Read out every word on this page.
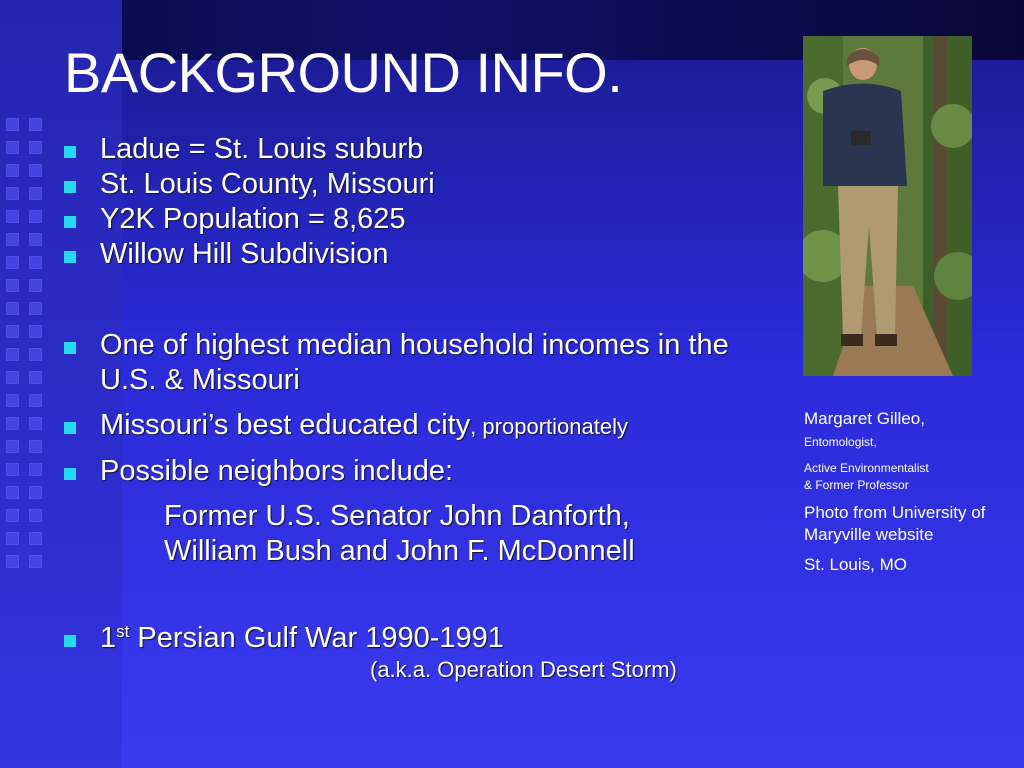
BACKGROUND INFO.
Ladue = St. Louis suburb
St. Louis County, Missouri
Y2K Population = 8,625
Willow Hill Subdivision
One of highest median household incomes in the U.S. & Missouri
Missouri’s best educated city, proportionately
Possible neighbors include:
Former U.S. Senator John Danforth,
William Bush and John F. McDonnell
1st Persian Gulf War 1990-1991
(a.k.a. Operation Desert Storm)

Margaret Gilleo,
Entomologist,

Active Environmentalist
& Former Professor

Photo from University of Maryville website

St. Louis, MO
